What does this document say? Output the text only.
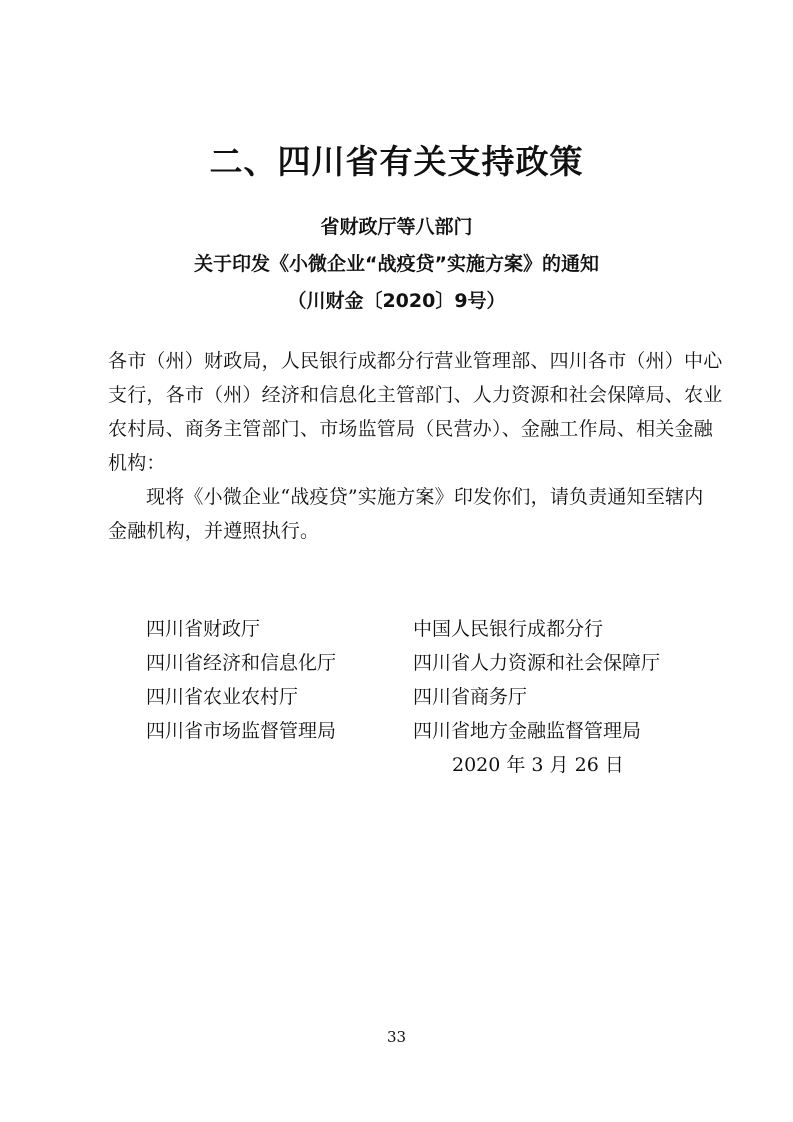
二、四川省有关支持政策
省财政厅等八部门
关于印发《小微企业“战疫贷”实施方案》的通知
（川财金〔2020〕9号）
各市（州）财政局，人民银行成都分行营业管理部、四川各市（州）中心
支行，各市（州）经济和信息化主管部门、人力资源和社会保障局、农业
农村局、商务主管部门、市场监管局（民营办）、金融工作局、相关金融
机构：
现将《小微企业“战疫贷”实施方案》印发你们，请负责通知至辖内
金融机构，并遵照执行。
四川省财政厅
四川省经济和信息化厅
四川省农业农村厅
四川省市场监督管理局
中国人民银行成都分行
四川省人力资源和社会保障厅
四川省商务厅
四川省地方金融监督管理局
2020 年 3 月 26 日
33
